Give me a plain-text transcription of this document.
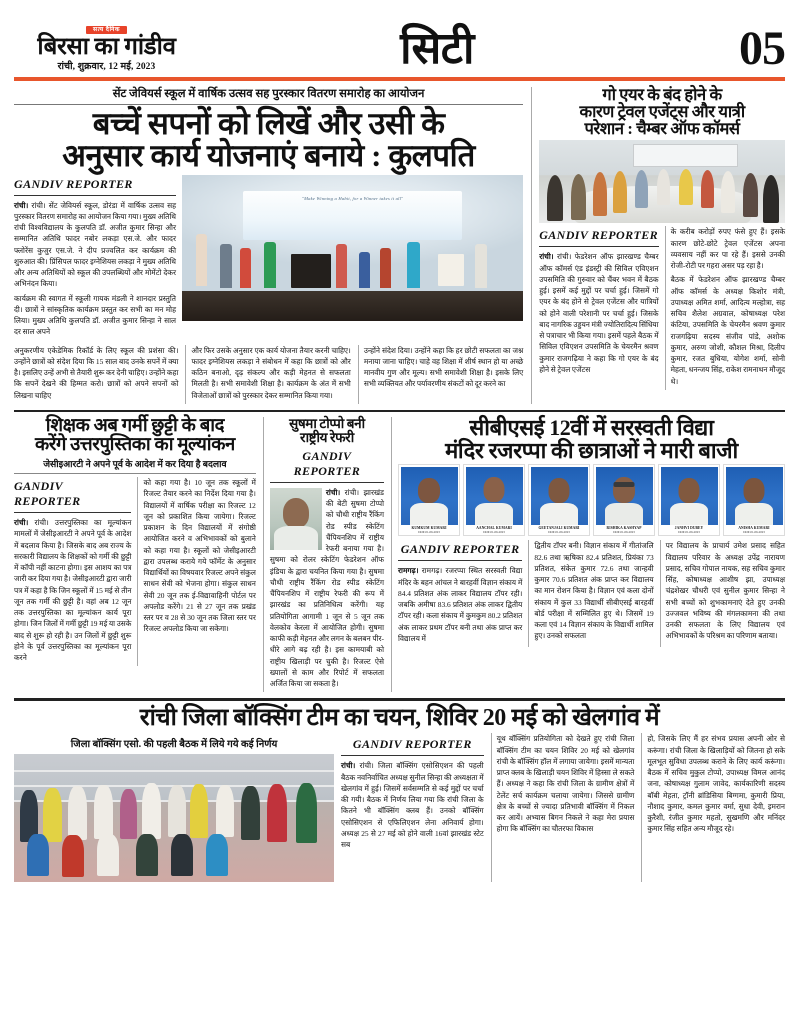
सत्य दैनिक
बिरसा का गांडीव
रांची, शुक्रवार, 12 मई, 2023	सिटी	05
सेंट जेवियर्स स्कूल में वार्षिक उत्सव सह पुरस्कार वितरण समारोह का आयोजन
बच्चें सपनों को लिखें और उसी के
अनुसार कार्य योजनाएं बनाये : कुलपति
GANDIV REPORTER

रांची। रांची। सेंट जेवियर्स स्कूल, डोरंडा में वार्षिक उत्सव सह पुरस्कार वितरण समारोह का आयोजन किया गया। मुख्य अतिथि रांची विश्वविद्यालय के कुलपति डॉ. अजीत कुमार सिन्हा और सम्मानित अतिथि फादर नबोर लकड़ा एस.जे. और फादर फ्लोरेंस कुजुर एस.जे. ने दीप प्रज्वलित कर कार्यक्रम की शुरुआत की। प्रिंसिपल फादर इग्नेशियस लकड़ा ने मुख्य अतिथि और अन्य अतिथियों को स्कूल की उपलब्धियों और मोमेंटो देकर अभिनंदन किया।

कार्यक्रम की स्वागत में स्कूली गायक मंडली ने शानदार प्रस्तुति दी। छात्रों ने सांस्कृतिक कार्यक्रम प्रस्तुत कर सभी का मन मोह लिया। मुख्य अतिथि कुलपति डॉ. अजीत कुमार सिन्हा ने साल दर साल अपने

"Make Winning a Habit, for a Winner takes it all"

अनुकरणीय एकेडेमिक रिकॉर्ड के लिए स्कूल की प्रशंसा की। उन्होंने छात्रों को संदेश दिया कि 15 साल बाद उनके सपनें में क्या है। इसलिए उन्हें अभी से तैयारी शुरू कर देनी चाहिए। उन्होंने कहा कि सपनें देखने की हिम्मत करो। छात्रों को अपने सपनों को लिखना चाहिए

और फिर उसके अनुसार एक कार्य योजना तैयार करनी चाहिए। फादर इग्नेशियस लकड़ा ने संबोधन में कहा कि छात्रों को और कठिन बनाओ, दृढ़ संकल्प और कड़ी मेहनत से सफलता मिलती है। सभी समावेशी शिक्षा है। कार्यक्रम के अंत में सभी विजेताओं छात्रों को पुरस्कार देकर सम्मानित किया गया।

उन्होंने संदेश दिया। उन्होंने कहा कि हर छोटी सफलता का जश्न मनाया जाना चाहिए। चाहे वह शिक्षा में शीर्ष स्थान हो या अच्छे मानवीय गुण और मूल्य। सभी समावेशी शिक्षा है। इसके लिए सभी व्यक्तियत और पर्यावरणीय संकटों को दूर करने का

गो एयर के बंद होने के
कारण ट्रेवल एजेंट्स और यात्री
परेशान : चैम्बर ऑफ कॉमर्स
GANDIV REPORTER

रांची। रांची। फेडरेशन ऑफ झारखण्ड चैम्बर ऑफ कॉमर्स एंड इंडस्ट्री की सिविल एविएशन उपसमिति की गुरुवार को चैंबर भवन में बैठक हुई। इसमें कई मुद्दों पर चर्चा हुई। जिसमें गो एयर के बंद होने से ट्रेवल एजेंटस और यात्रियों को होने वाली परेशानी पर चर्चा हुई। जिसके बाद नागरिक उड्डयन मंत्री ज्योतिरादित्य सिंधिया से पत्राचार भी किया गया। इसमें पहले बैठक में सिविल एविएशन उपसमिति के चेयरमैन श्रवण कुमार राजगढ़िया ने कहा कि गो एयर के बंद होने से ट्रेवल एजेंटस

के करीब करोड़ों रुपए फंसे हुए हैं। इसके कारण छोटे-छोटे ट्रेवल एजेंटस अपना व्यवसाय नहीं कर पा रहे हैं। इससे उनकी रोजी-रोटी पर गहरा असर पड़ रहा है।

बैठक में फेडरेशन ऑफ झारखण्ड चैम्बर ऑफ कॉमर्स के अध्यक्ष किशोर मंत्री, उपाध्यक्ष अमित शर्मा, आदित्य मल्होत्रा, सह सचिव शैलेश अग्रवाल, कोषाध्यक्ष परेश कंटिया, उपसमिति के चेयरमैन श्रवण कुमार राजगढ़िया सदस्य संजीव पांडे, अशोक कुमार, अरुण जोशी, कौशल मिश्रा, दिलीप कुमार, रजत बुधिया, योगेश शर्मा, सोनी मेहता, धनन्जय सिंह, राकेश रामनाथन मौजूद थे।

शिक्षक अब गर्मी छुट्टी के बाद
करेंगे उत्तरपुस्तिका का मूल्यांकन
जेसीइआरटी ने अपने पूर्व के आदेश में कर दिया है बदलाव
GANDIV REPORTER

रांची। रांची। उत्तरपुस्तिका का मूल्यांकन मामलों में जेसीइआरटी ने अपने पूर्व के आदेश में बदलाव किया है। जिसके बाद अब राज्य के सरकारी विद्यालय के शिक्षकों को गर्मी की छुट्टी में कॉपी नहीं काटना होगा। इस आशय का पत्र जारी कर दिया गया है। जेसीइआरटी द्वारा जारी पत्र में कहा है कि जिन स्कूलों में 15 मई से तीन जून तक गर्मी की छुट्टी है। वहां अब 12 जून तक उत्तरपुस्तिका का मूल्यांकन कार्य पूरा होगा। जिन जिलों में गर्मी छुट्टी 19 मई या उसके बाद से शुरू हो रही है। उन जिलों में छुट्टी शुरू होने के पूर्व उत्तरपुस्तिका का मूल्यांकन पूरा करने

को कहा गया है। 10 जून तक स्कूलों में रिजल्ट तैयार करने का निर्देश दिया गया है। विद्यालयों में वार्षिक परीक्षा का रिजल्ट 12 जून को प्रकाशित किया जायेगा। रिजल्ट प्रकाशन के दिन विद्यालयों में संगोष्ठी आयोजित करने व अभिभावकों को बुलाने को कहा गया है। स्कूलों को जेसीइआरटी द्वारा उपलब्ध कराये गये फॉर्मेट के अनुसार विद्यार्थियों का विषयवार रिजल्ट अपने संकुल साधन सेवी को भेजना होगा। संकुल साधन सेवी 20 जून तक ई-विद्यावाहिनी पोर्टल पर अपलोड करेंगे। 21 से 27 जून तक प्रखंड स्तर पर व 28 से 30 जून तक जिला स्तर पर रिजल्ट अपलोड किया जा सकेगा।

सुषमा टोप्पो बनी
राष्ट्रीय रेफरी
GANDIV REPORTER

रांची। रांची। झारखंड की बेटी सुषमा टोप्पो को चौथी राष्ट्रीय रैंकिंग रोड स्पीड स्केटिंग चैंपियनशिप में राष्ट्रीय रेफरी बनाया गया है। सुषमा को रोलर स्केटिंग फेडरेशन ऑफ इंडिया के द्वारा चयनित किया गया है। सुषमा चौथी राष्ट्रीय रैंकिंग रोड स्पीड स्केटिंग चैंपियनशिप में राष्ट्रीय रेफरी की रूप में झारखंड का प्रतिनिधित्व करेंगी। यह प्रतियोगिता आगामी 1 जून से 5 जून तक वेलकोव केरला में आयोजित होगी। सुषमा काफी कड़ी मेहनत और लगन के बलबन पीर-धीरे आगे बढ़ रही है। इस कामयाबी को राष्ट्रीय खिलाड़ी पर चुकी है। रिजल्ट ऐसे ख्यालों से काम और रिपोर्ट में सफलता अर्जित किया जा सकता है।

सीबीएसई 12वीं में सरस्वती विद्या
मंदिर रजरप्पा की छात्राओं ने मारी बाजी
KUMKUM KUMARI
DOP-01-06-2023
AANCHAL KUMARI
DOP-01-06-2023
GEETANJALI KUMARI
DOP-01-06-2023
RISHIKA KASHYAP
DOP-01-06-2023
JANHVI DUBEY
DOP-01-06-2023
ANISHA KUMARI
DOP-01-06-2023
GANDIV REPORTER

रामगढ़। रामगढ़। रजरप्पा स्थित सरस्वती विद्या मंदिर के बहन आंचल ने बारहवीं विज्ञान संकाय में 84.4 प्रतिशत अंक लाकर विद्यालय टॉपर रही। जबकि अमीषा 83.6 प्रतिशत अंक लाकर द्वितीय टॉपर रही। कला संकाय में कुमकुम 80.2 प्रतिशत अंक लाकर प्रथम टॉपर बनी तथा अंक प्राप्त कर विद्यालय में

द्वितीय टॉपर बनी। विज्ञान संकाय में गीतांजलि 82.6 तथा ऋषिका 82.4 प्रतिशत, प्रियंका 73 प्रतिशत, संकेत कुमार 72.6 तथा जान्हवी कुमार 70.6 प्रतिशत अंक प्राप्त कर विद्यालय का मान रोशन किया है। विज्ञान एवं कला दोनों संकाय में कुल 33 विद्यार्थी सीबीएसई बारहवीं बोर्ड परीक्षा में सम्मिलित हुए थे। जिसमें 19 कला एवं 14 विज्ञान संकाय के विद्यार्थी शामिल हुए। उनको सफलता

पर विद्यालय के प्राचार्य उमेश प्रसाद सहित विद्यालय परिवार के अध्यक्ष उपेंद्र नारायण प्रसाद, सचिव गोपाल नायक, सह सचिव कुमार सिंह, कोषाध्यक्ष आशीष झा, उपाध्यक्ष चंद्रशेखर चौधरी एवं सुनील कुमार सिन्हा ने सभी बच्चों को शुभकामनाएं देते हुए उनकी उज्जवल भविष्य की मंगलकामना की तथा उनकी सफलता के लिए विद्यालय एवं अभिभावकों के परिश्रम का परिणाम बताया।

रांची जिला बॉक्सिंग टीम का चयन, शिविर 20 मई को खेलगांव में
जिला बॉक्सिंग एसो. की पहली बैठक में लिये गये कई निर्णय	GANDIV REPORTER

रांची। रांची। जिला बॉक्सिंग एसोसिएशन की पहली बैठक नवनिर्वाचित अध्यक्ष सुनील सिन्हा की अध्यक्षता में खेलगांव में हुई। जिसमें सर्वसम्मति से कई मुद्दों पर चर्चा की गयी। बैठक में निर्णय लिया गया कि रांची जिला के कितने भी बॉक्सिंग क्लब हैं। उनको बॉक्सिंग एसोसिएशन से एफिलिएशन लेना अनिवार्य होगा। अध्यक्ष 25 से 27 मई को होने वाली 16वां झारखंड स्टेट सब

यूथ बॉक्सिंग प्रतियोगिता को देखते हुए रांची जिला बॉक्सिंग टीम का चयन शिविर 20 मई को खेलगांव रांची के बॉक्सिंग हॉल में लगाया जायेगा। इसमें मान्यता प्राप्त क्लब के खिलाड़ी चयन शिविर में हिस्सा ले सकते हैं। अध्यक्ष ने कहा कि रांची जिला के ग्रामीण क्षेत्रों में टेलेंट सर्च कार्यक्रम चलाया जायेगा। जिससे ग्रामीण क्षेत्र के बच्चों से ज्यादा प्रतिभावी बॉक्सिंग में निकल कर आयें। अभ्यास बिगन निकले ने कहा मेरा प्रयास होगा कि बॉक्सिंग का चौतरफा विकास

हो, जिसके लिए मैं हर संभव प्रयास अपनी ओर से करूंगा। रांची जिला के खिलाड़ियों को जितना हो सके मूलभूत सुविधा उपलब्ध कराने के लिए कार्य करूंगा। बैठक में सचिव मुकुल टोप्पो, उपाध्यक्ष विमल आनंद जना, कोषाध्यक्ष गुलाम जावेद, कार्यकारिणी सदस्य बॉबी मेहता, ट्रॉनी ब्रांडिसिया बिग्गमा, कुमारी प्रिया, नौशाद कुमार, कमल कुमार वर्मा, सुधा देवी, इमरान कुरैशी, रंजीत कुमार महतो, सुखमणि और मनिंदर कुमार सिंह सहित अन्य मौजूद रहे।
